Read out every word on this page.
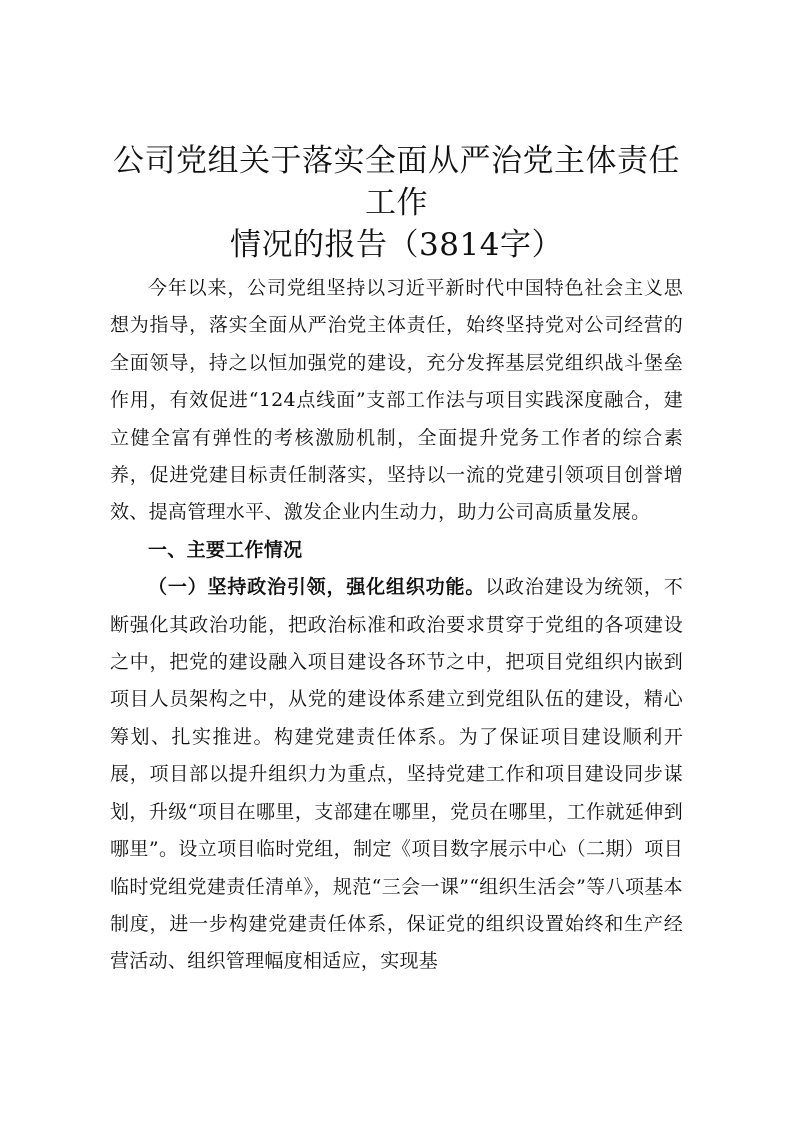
公司党组关于落实全面从严治党主体责任工作
情况的报告（3814字）

今年以来，公司党组坚持以习近平新时代中国特色社会主义思想为指导，落实全面从严治党主体责任，始终坚持党对公司经营的全面领导，持之以恒加强党的建设，充分发挥基层党组织战斗堡垒作用，有效促进“124点线面”支部工作法与项目实践深度融合，建立健全富有弹性的考核激励机制，全面提升党务工作者的综合素养，促进党建目标责任制落实，坚持以一流的党建引领项目创誉增效、提高管理水平、激发企业内生动力，助力公司高质量发展。

一、主要工作情况

（一）坚持政治引领，强化组织功能。以政治建设为统领，不断强化其政治功能，把政治标准和政治要求贯穿于党组的各项建设之中，把党的建设融入项目建设各环节之中，把项目党组织内嵌到项目人员架构之中，从党的建设体系建立到党组队伍的建设，精心筹划、扎实推进。构建党建责任体系。为了保证项目建设顺利开展，项目部以提升组织力为重点，坚持党建工作和项目建设同步谋划，升级“项目在哪里，支部建在哪里，党员在哪里，工作就延伸到哪里”。设立项目临时党组，制定《项目数字展示中心（二期）项目临时党组党建责任清单》，规范“三会一课”“组织生活会”等八项基本制度，进一步构建党建责任体系，保证党的组织设置始终和生产经营活动、组织管理幅度相适应，实现基
